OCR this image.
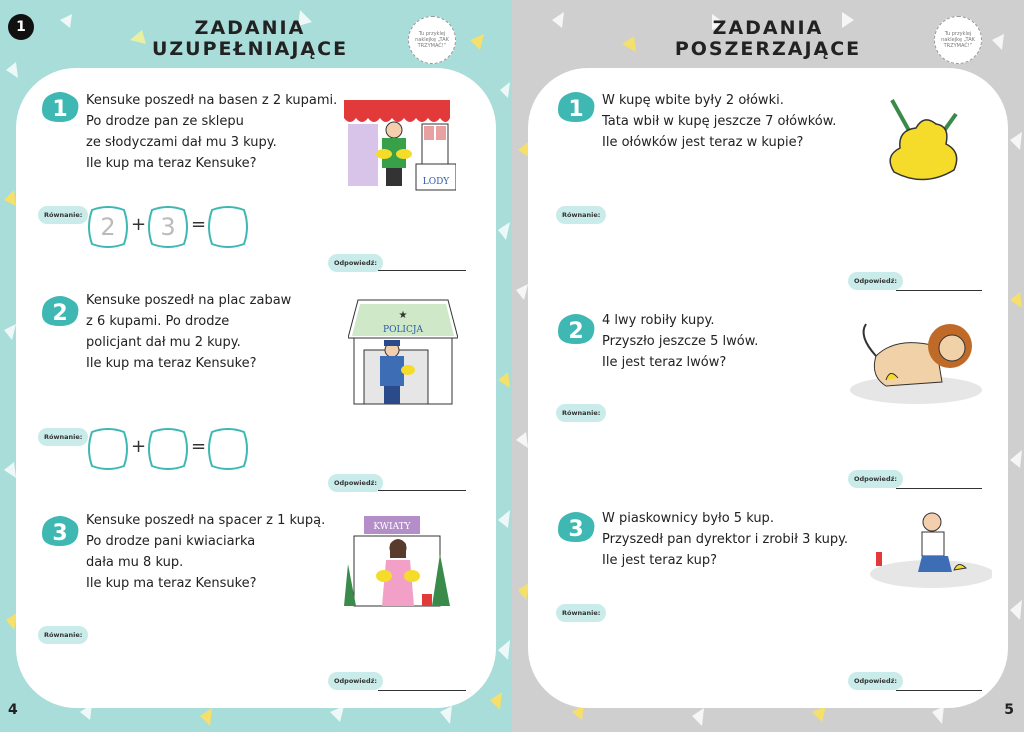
1	ZADANIA
UZUPEŁNIAJĄCE
Tu przyklej naklejkę „TAK TRZYMAĆ!”
1 Kensuke poszedł na basen z 2 kupami.
Po drodze pan ze sklepu
ze słodyczami dał mu 3 kupy.
Ile kup ma teraz Kensuke?
LODY
Równanie: 2 + 3 =
Odpowiedź:
2
Kensuke poszedł na plac zabaw
z 6 kupami. Po drodze
policjant dał mu 2 kupy.
Ile kup ma teraz Kensuke?
★
POLICJA
Równanie:	+ =
Odpowiedź:
3
Kensuke poszedł na spacer z 1 kupą.
Po drodze pani kwiaciarka
dała mu 8 kup.
Ile kup ma teraz Kensuke?
KWIATY
Równanie:
Odpowiedź:
4
ZADANIA
POSZERZAJĄCE
Tu przyklej naklejkę „TAK TRZYMAĆ!”
1 W kupę wbite były 2 ołówki.
Tata wbił w kupę jeszcze 7 ołówków.
Ile ołówków jest teraz w kupie?
Równanie:
Odpowiedź:
2 4 lwy robiły kupy.
Przyszło jeszcze 5 lwów.
Ile jest teraz lwów?
Równanie:
Odpowiedź:
3 W piaskownicy było 5 kup.
Przyszedł pan dyrektor i zrobił 3 kupy.
Ile jest teraz kup?
Równanie:
Odpowiedź:
5
